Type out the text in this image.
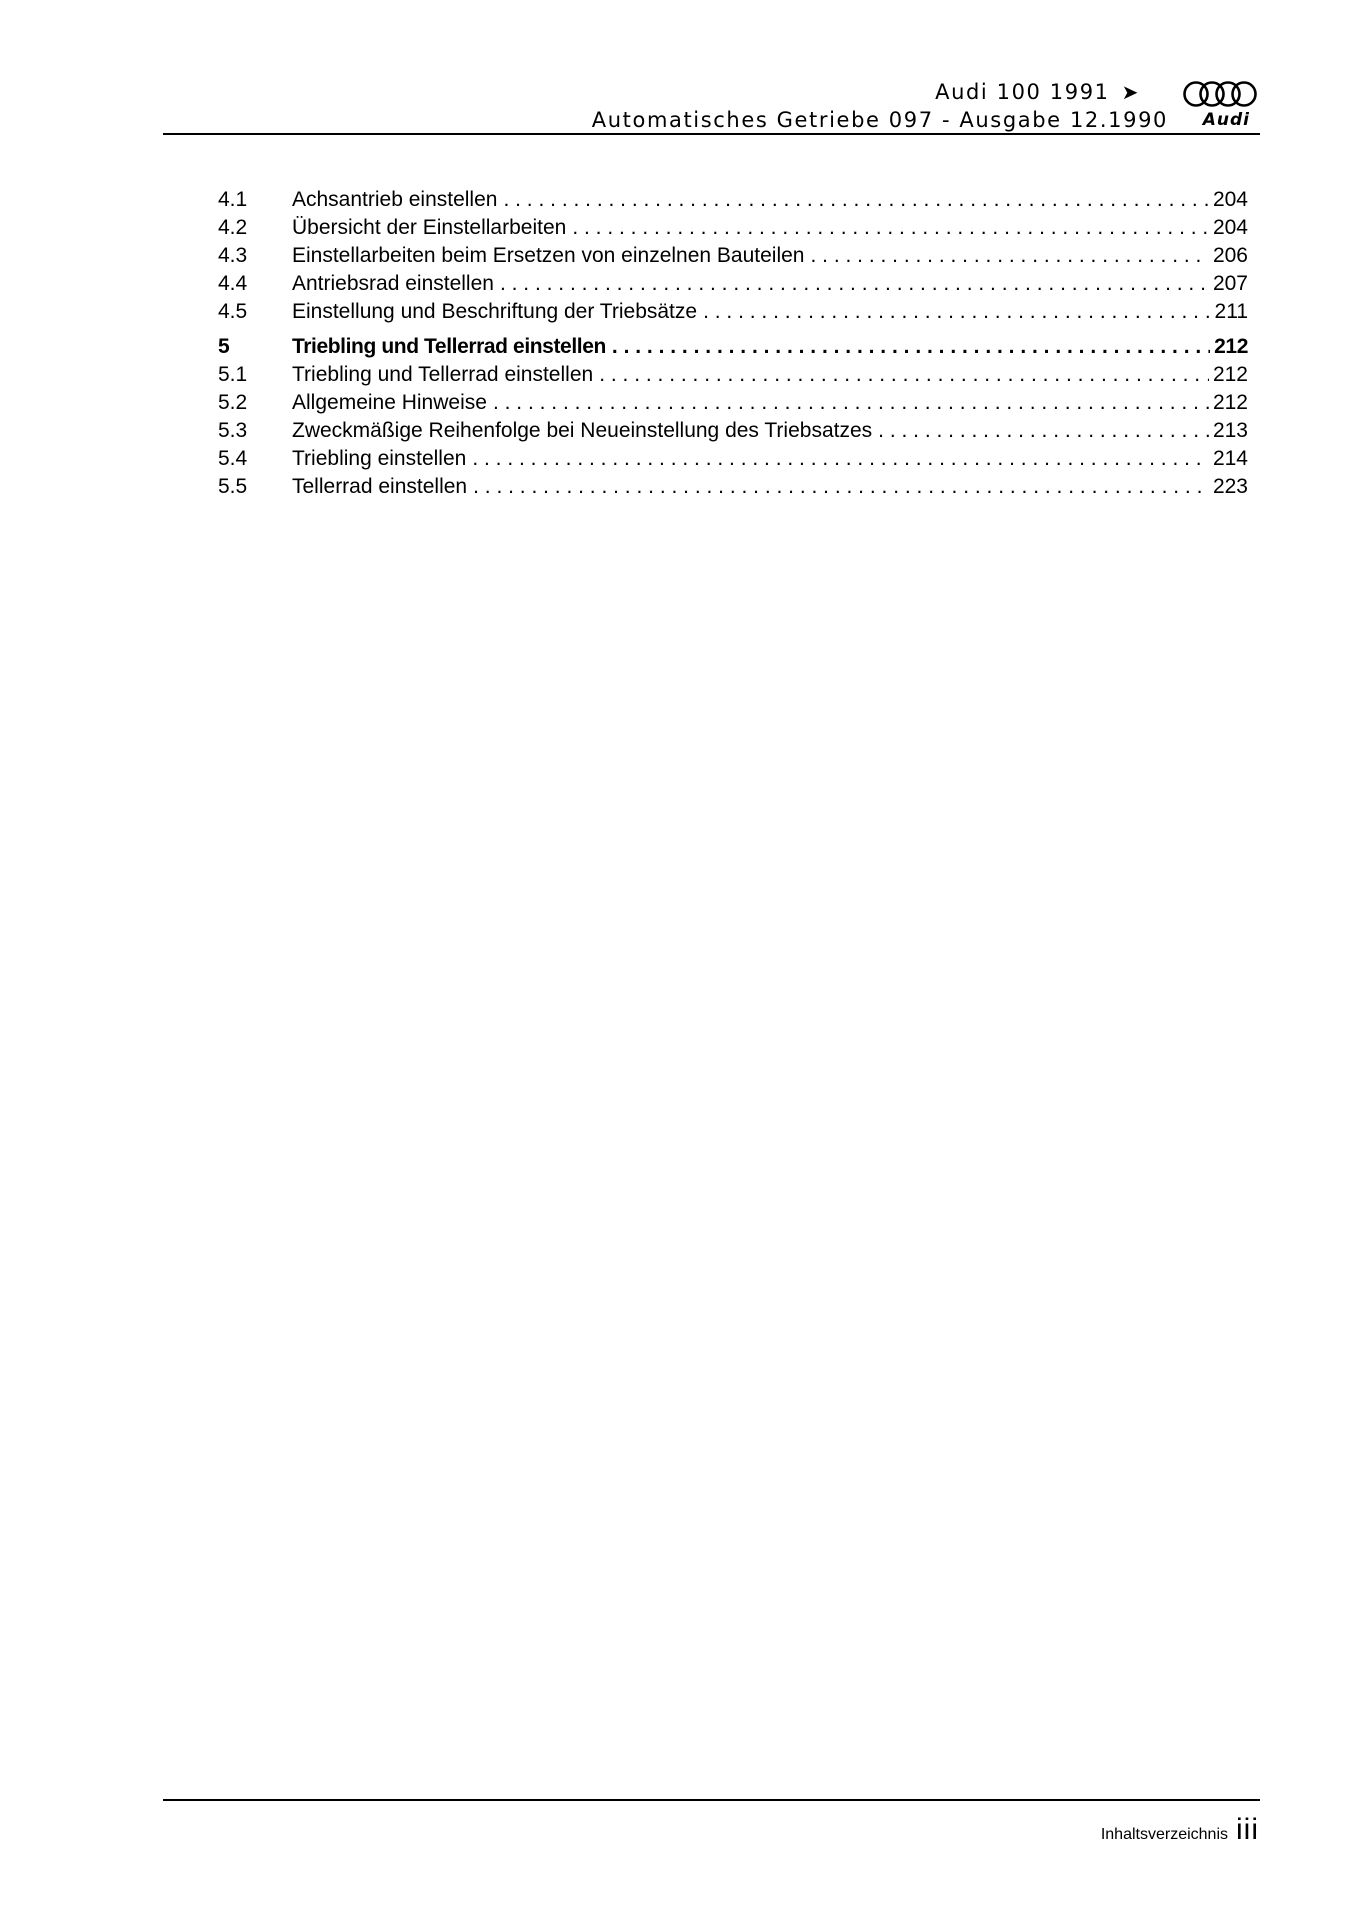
Audi 100 1991 ➤
Automatisches Getriebe 097 - Ausgabe 12.1990 Audi
4.1	Achsantrieb einstellen . . .	204
4.2	Übersicht der Einstellarbeiten . . .	204
4.3	Einstellarbeiten beim Ersetzen von einzelnen Bauteilen . . .	206
4.4	Antriebsrad einstellen . . .	207
4.5	Einstellung und Beschriftung der Triebsätze . . .	211
5	Triebling und Tellerrad einstellen . . .	212
5.1	Triebling und Tellerrad einstellen . . .	212
5.2	Allgemeine Hinweise . . .	212
5.3	Zweckmäßige Reihenfolge bei Neueinstellung des Triebsatzes . . .	213
5.4	Triebling einstellen . . .	214
5.5	Tellerrad einstellen . . .	223
Inhaltsverzeichnis iii
